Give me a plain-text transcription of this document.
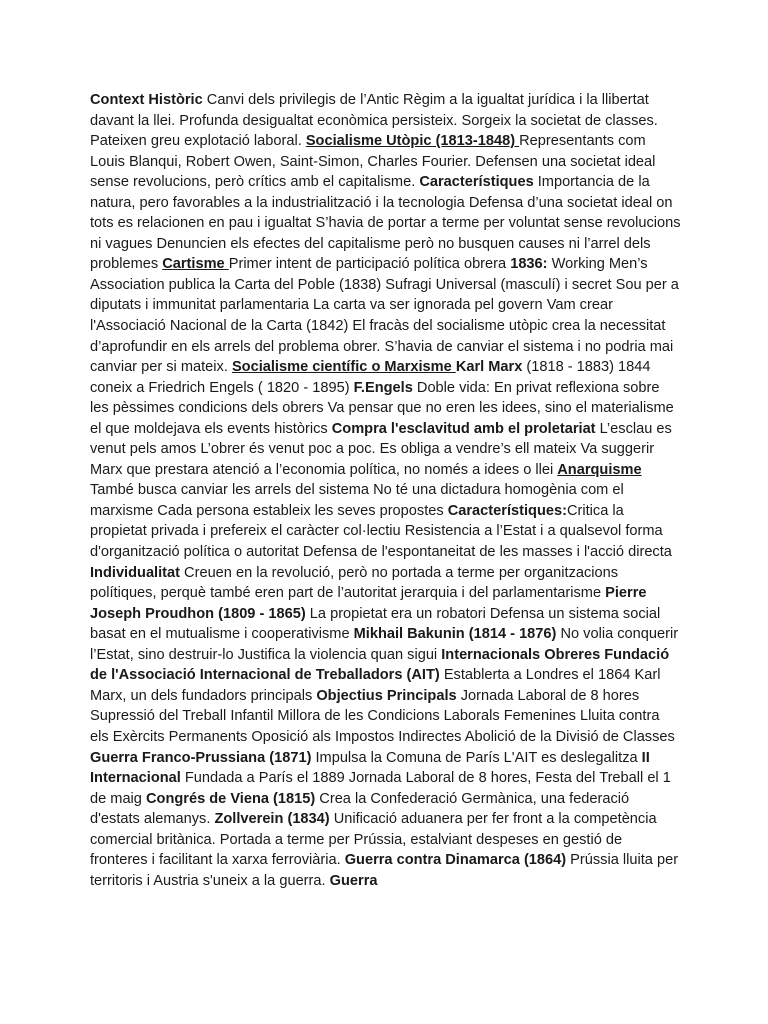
Context Històric Canvi dels privilegis de l’Antic Règim a la igualtat jurídica i la llibertat davant la llei. Profunda desigualtat econòmica persisteix. Sorgeix la societat de classes. Pateixen greu explotació laboral. Socialisme Utòpic (1813-1848) Representants com Louis Blanqui, Robert Owen, Saint-Simon, Charles Fourier. Defensen una societat ideal sense revolucions, però crítics amb el capitalisme. Característiques Importancia de la natura, pero favorables a la industrialització i la tecnologia Defensa d’una societat ideal on tots es relacionen en pau i igualtat S’havia de portar a terme per voluntat sense revolucions ni vagues Denuncien els efectes del capitalisme però no busquen causes ni l’arrel dels problemes Cartisme Primer intent de participació política obrera 1836: Working Men’s Association publica la Carta del Poble (1838) Sufragi Universal (masculí) i secret Sou per a diputats i immunitat parlamentaria La carta va ser ignorada pel govern Vam crear l'Associació Nacional de la Carta (1842) El fracàs del socialisme utòpic crea la necessitat d’aprofundir en els arrels del problema obrer. S’havia de canviar el sistema i no podria mai canviar per si mateix. Socialisme científic o Marxisme Karl Marx (1818 - 1883) 1844 coneix a Friedrich Engels ( 1820 - 1895) F.Engels Doble vida: En privat reflexiona sobre les pèssimes condicions dels obrers Va pensar que no eren les idees, sino el materialisme el que moldejava els events històrics Compra l'esclavitud amb el proletariat L’esclau es venut pels amos L’obrer és venut poc a poc. Es obliga a vendre’s ell mateix Va suggerir Marx que prestara atenció a l’economia política, no només a idees o llei Anarquisme També busca canviar les arrels del sistema No té una dictadura homogènia com el marxisme Cada persona estableix les seves propostes Característiques:Critica la propietat privada i prefereix el caràcter col·lectiu Resistencia a l’Estat i a qualsevol forma d'organització política o autoritat Defensa de l'espontaneitat de les masses i l'acció directa Individualitat Creuen en la revolució, però no portada a terme per organitzacions polítiques, perquè també eren part de l’autoritat jerarquia i del parlamentarisme Pierre Joseph Proudhon (1809 - 1865) La propietat era un robatori Defensa un sistema social basat en el mutualisme i cooperativisme Mikhail Bakunin (1814 - 1876) No volia conquerir l’Estat, sino destruir-lo Justifica la violencia quan sigui Internacionals Obreres Fundació de l'Associació Internacional de Treballadors (AIT) Establerta a Londres el 1864 Karl Marx, un dels fundadors principals Objectius Principals Jornada Laboral de 8 hores Supressió del Treball Infantil Millora de les Condicions Laborals Femenines Lluita contra els Exèrcits Permanents Oposició als Impostos Indirectes Abolició de la Divisió de Classes Guerra Franco-Prussiana (1871) Impulsa la Comuna de París L'AIT es deslegalitza II Internacional Fundada a París el 1889 Jornada Laboral de 8 hores, Festa del Treball el 1 de maig Congrés de Viena (1815) Crea la Confederació Germànica, una federació d'estats alemanys. Zollverein (1834) Unificació aduanera per fer front a la competència comercial britànica. Portada a terme per Prússia, estalviant despeses en gestió de fronteres i facilitant la xarxa ferroviària. Guerra contra Dinamarca (1864) Prússia lluita per territoris i Austria s'uneix a la guerra. Guerra
